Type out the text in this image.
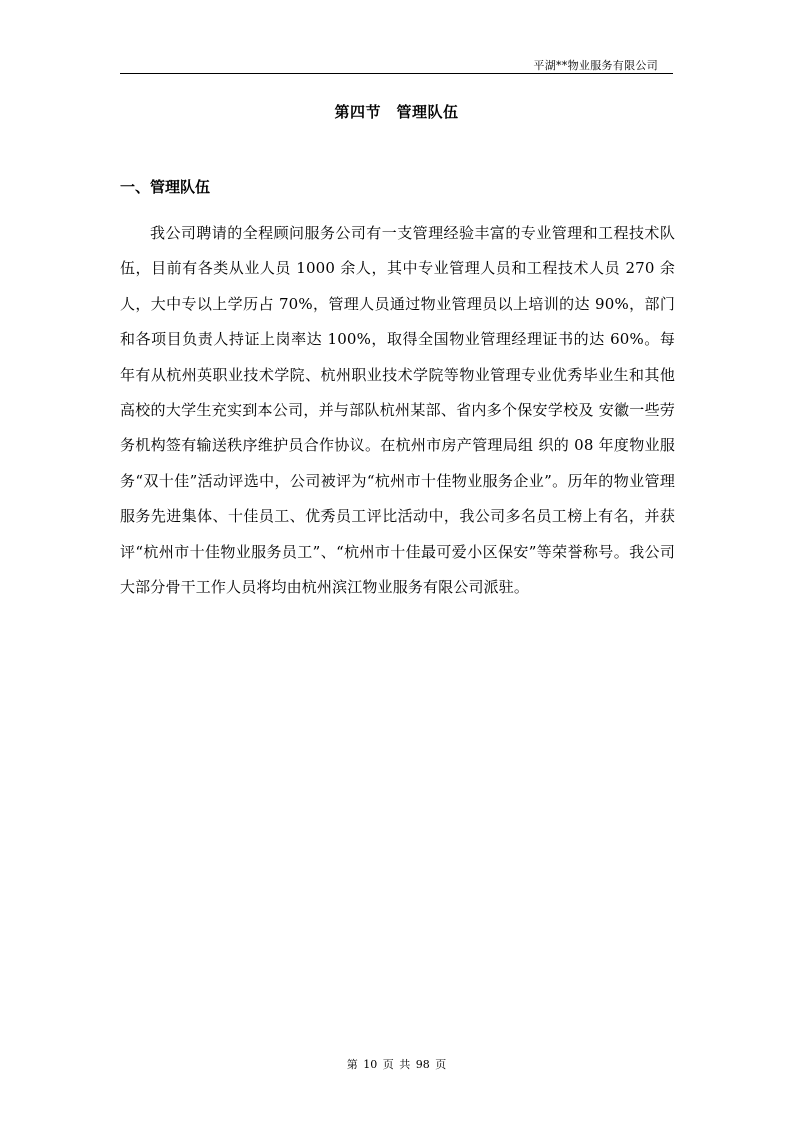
平湖**物业服务有限公司
第四节　管理队伍
一、管理队伍

我公司聘请的全程顾问服务公司有一支管理经验丰富的专业管理和工程技术队伍，目前有各类从业人员 1000 余人，其中专业管理人员和工程技术人员 270 余人，大中专以上学历占 70%，管理人员通过物业管理员以上培训的达 90%，部门和各项目负责人持证上岗率达 100%，取得全国物业管理经理证书的达 60%。每年有从杭州英职业技术学院、杭州职业技术学院等物业管理专业优秀毕业生和其他高校的大学生充实到本公司，并与部队杭州某部、省内多个保安学校及 安徽一些劳务机构签有输送秩序维护员合作协议。在杭州市房产管理局组 织的 08 年度物业服务“双十佳”活动评选中，公司被评为“杭州市十佳物业服务企业”。历年的物业管理服务先进集体、十佳员工、优秀员工评比活动中，我公司多名员工榜上有名，并获评“杭州市十佳物业服务员工”、“杭州市十佳最可爱小区保安”等荣誉称号。我公司大部分骨干工作人员将均由杭州滨江物业服务有限公司派驻。

第 10 页 共 98 页
